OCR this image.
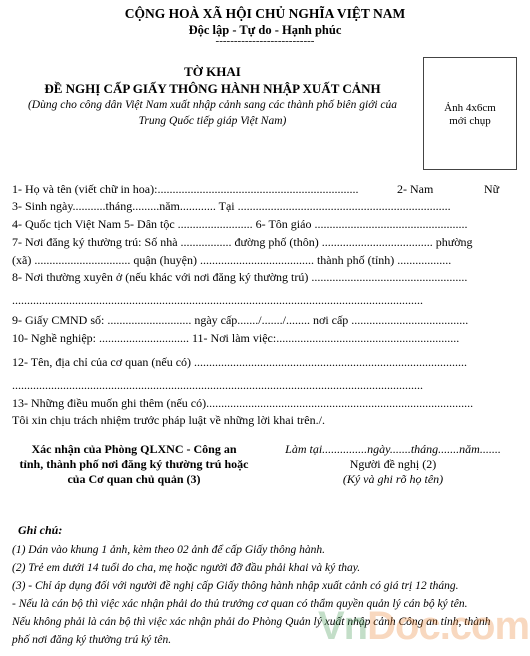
CỘNG HOÀ XÃ HỘI CHỦ NGHĨA VIỆT NAM
Độc lập - Tự do - Hạnh phúc
---------------------------
TỜ KHAI
ĐỀ NGHỊ CẤP GIẤY THÔNG HÀNH NHẬP XUẤT CẢNH
(Dùng cho công dân Việt Nam xuất nhập cảnh sang các thành phố biên giới của
Trung Quốc tiếp giáp Việt Nam)
Ảnh 4x6cm
mới chụp
1- Họ và tên (viết chữ in hoa):...................................................................	2- Nam	Nữ
3- Sinh ngày...........tháng.........năm............ Tại .......................................................................
4- Quốc tịch Việt Nam 5- Dân tộc ......................... 6- Tôn giáo ...................................................
7- Nơi đăng ký thường trú: Số nhà ................. đường phố (thôn) ..................................... phường
(xã) ................................ quận (huyện) ...................................... thành phố (tỉnh) ..................
8- Nơi thường xuyên ở (nếu khác với nơi đăng ký thường trú) ....................................................
.........................................................................................................................................
9- Giấy CMND số: ............................ ngày cấp......./......./........ nơi cấp .......................................
10- Nghề nghiệp: .............................. 11- Nơi làm việc:.............................................................
12- Tên, địa chỉ của cơ quan (nếu có) ...........................................................................................
.........................................................................................................................................
13- Những điều muốn ghi thêm (nếu có).........................................................................................
Tôi xin chịu trách nhiệm trước pháp luật về những lời khai trên./.
Xác nhận của Phòng QLXNC - Công an
tỉnh, thành phố nơi đăng ký thường trú hoặc
của Cơ quan chủ quản (3)
Làm tại...............ngày.......tháng.......năm.......
Người đề nghị (2)
(Ký và ghi rõ họ tên)
Ghi chú:
(1) Dán vào khung 1 ảnh, kèm theo 02 ảnh để cấp Giấy thông hành.
(2) Trẻ em dưới 14 tuổi do cha, mẹ hoặc người đỡ đầu phải khai và ký thay.
(3) - Chỉ áp dụng đối với người đề nghị cấp Giấy thông hành nhập xuất cảnh có giá trị 12 tháng.
- Nếu là cán bộ thì việc xác nhận phải do thủ trưởng cơ quan có thẩm quyền quản lý cán bộ ký tên.
Nếu không phải là cán bộ thì việc xác nhận phải do Phòng Quản lý xuất nhập cảnh Công an tỉnh, thành
phố nơi đăng ký thường trú ký tên.	VnDoc.com
